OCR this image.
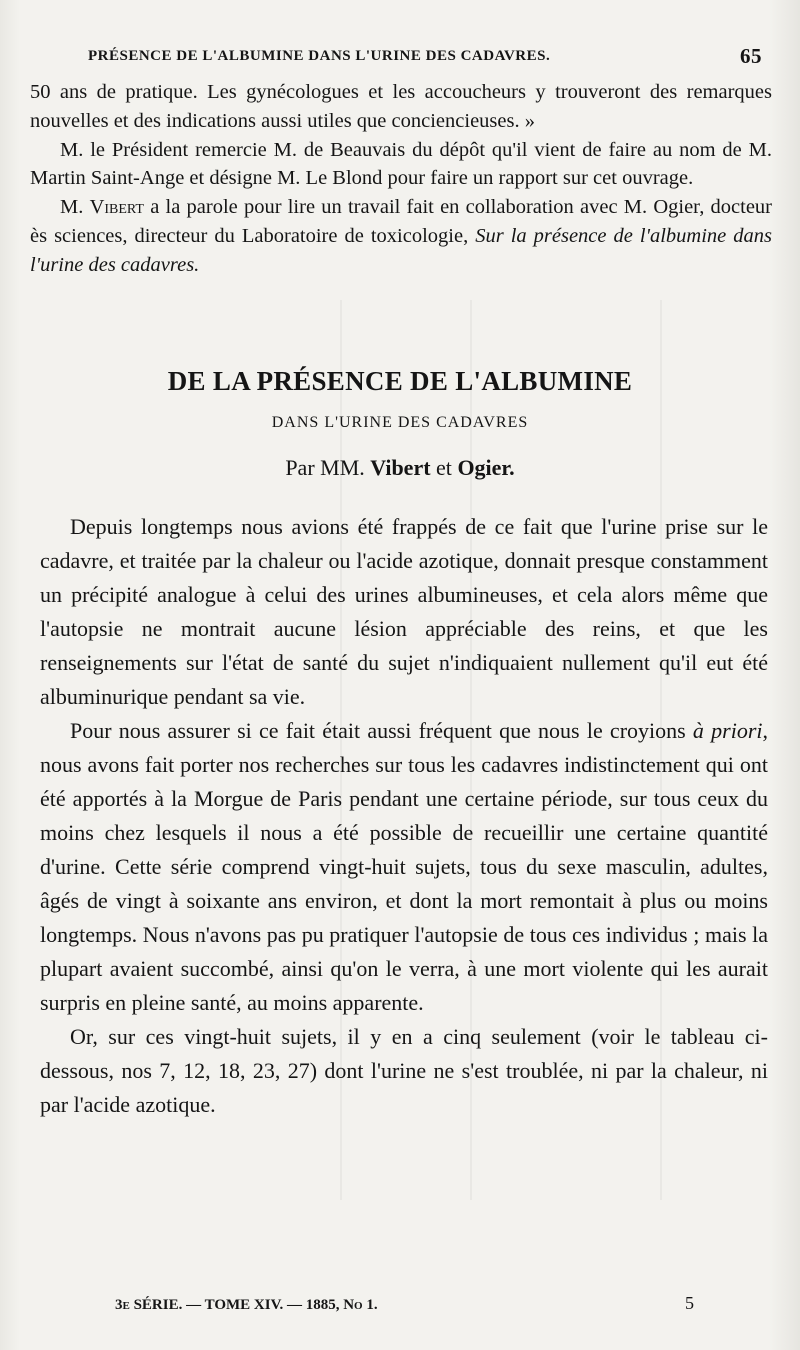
PRÉSENCE DE L'ALBUMINE DANS L'URINE DES CADAVRES.	65

50 ans de pratique. Les gynécologues et les accoucheurs y trouveront des remarques nouvelles et des indications aussi utiles que conciencieuses. »

M. le Président remercie M. de Beauvais du dépôt qu'il vient de faire au nom de M. Martin Saint-Ange et désigne M. Le Blond pour faire un rapport sur cet ouvrage.

M. Vibert a la parole pour lire un travail fait en collaboration avec M. Ogier, docteur ès sciences, directeur du Laboratoire de toxicologie, Sur la présence de l'albumine dans l'urine des cadavres.

DE LA PRÉSENCE DE L'ALBUMINE
DANS L'URINE DES CADAVRES
Par MM. Vibert et Ogier.

Depuis longtemps nous avions été frappés de ce fait que l'urine prise sur le cadavre, et traitée par la chaleur ou l'acide azotique, donnait presque constamment un précipité analogue à celui des urines albumineuses, et cela alors même que l'autopsie ne montrait aucune lésion appréciable des reins, et que les renseignements sur l'état de santé du sujet n'indiquaient nullement qu'il eut été albuminurique pendant sa vie.

Pour nous assurer si ce fait était aussi fréquent que nous le croyions à priori, nous avons fait porter nos recherches sur tous les cadavres indistinctement qui ont été apportés à la Morgue de Paris pendant une certaine période, sur tous ceux du moins chez lesquels il nous a été possible de recueillir une certaine quantité d'urine. Cette série comprend vingt-huit sujets, tous du sexe masculin, adultes, âgés de vingt à soixante ans environ, et dont la mort remontait à plus ou moins longtemps. Nous n'avons pas pu pratiquer l'autopsie de tous ces individus ; mais la plupart avaient succombé, ainsi qu'on le verra, à une mort violente qui les aurait surpris en pleine santé, au moins apparente.

Or, sur ces vingt-huit sujets, il y en a cinq seulement (voir le tableau ci-dessous, nos 7, 12, 18, 23, 27) dont l'urine ne s'est troublée, ni par la chaleur, ni par l'acide azotique.

3e SÉRIE. — TOME XIV. — 1885, No 1.	5
